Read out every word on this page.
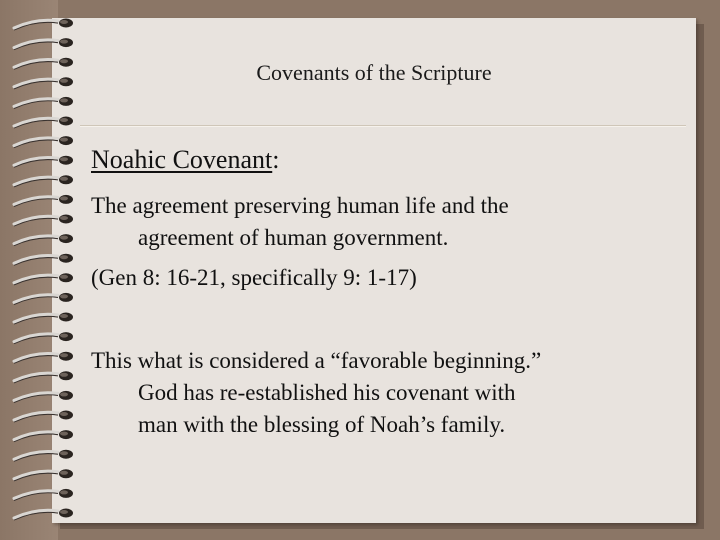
Covenants of the Scripture
Noahic Covenant:

The agreement preserving human life and the
agreement of human government.

(Gen 8: 16-21, specifically 9: 1-17)

This what is considered a “favorable beginning.”
God has re-established his covenant with
man with the blessing of Noah’s family.
